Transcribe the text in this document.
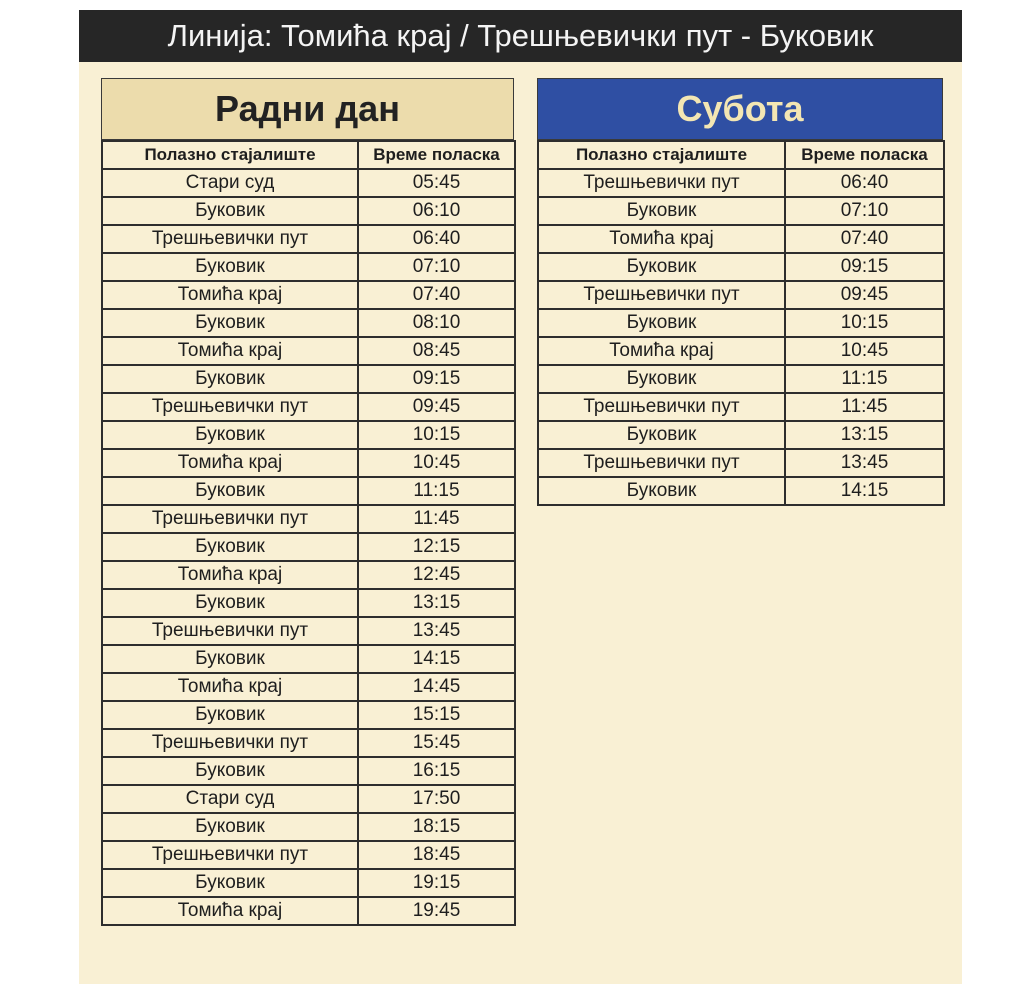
Линија: Томића крај / Трешњевички пут - Буковик
Радни дан
Полазно стајалиште	Време поласка
Стари суд	05:45
Буковик	06:10
Трешњевички пут	06:40
Буковик	07:10
Томића крај	07:40
Буковик	08:10
Томића крај	08:45
Буковик	09:15
Трешњевички пут	09:45
Буковик	10:15
Томића крај	10:45
Буковик	11:15
Трешњевички пут	11:45
Буковик	12:15
Томића крај	12:45
Буковик	13:15
Трешњевички пут	13:45
Буковик	14:15
Томића крај	14:45
Буковик	15:15
Трешњевички пут	15:45
Буковик	16:15
Стари суд	17:50
Буковик	18:15
Трешњевички пут	18:45
Буковик	19:15
Томића крај	19:45
Субота
Полазно стајалиште	Време поласка
Трешњевички пут	06:40
Буковик	07:10
Томића крај	07:40
Буковик	09:15
Трешњевички пут	09:45
Буковик	10:15
Томића крај	10:45
Буковик	11:15
Трешњевички пут	11:45
Буковик	13:15
Трешњевички пут	13:45
Буковик	14:15
